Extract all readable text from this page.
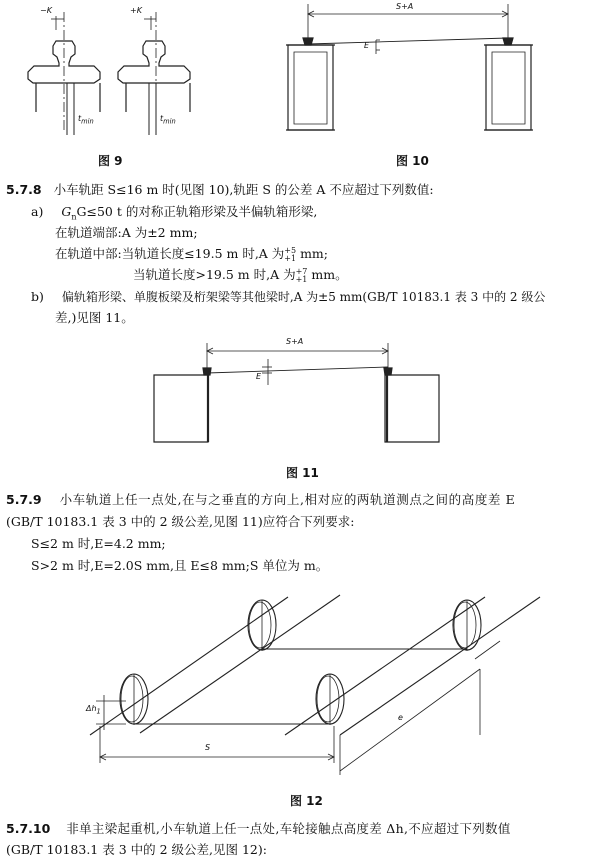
−K	+K
$t_{min}$	$t_{min}$
图 9
S+A
E
图 10
5.7.8 小车轨距 S≤16 m 时(见图 10),轨距 S 的公差 A 不应超过下列数值:
a) $G_nG\le 50$ t 的对称正轨箱形梁及半偏轨箱形梁,
在轨道端部:A 为±2 mm;
在轨道中部:当轨道长度≤19.5 m 时,A 为 +5
+1 mm;
当轨道长度>19.5 m 时,A 为 +7
+1 mm。
b) 偏轨箱形梁、单腹板梁及桁架梁等其他梁时,A 为±5 mm(GB/T 10183.1 表 3 中的 2 级公
差,)见图 11。
S+A
E
图 11
5.7.9 小车轨道上任一点处,在与之垂直的方向上,相对应的两轨道测点之间的高度差 E
(GB/T 10183.1 表 3 中的 2 级公差,见图 11)应符合下列要求:
S≤2 m 时,E=4.2 mm;
S>2 m 时,E=2.0S mm,且 E≤8 mm;S 单位为 m。
$\Delta h_1$
S
e
图 12
5.7.10 非单主梁起重机,小车轨道上任一点处,车轮接触点高度差 Δh,不应超过下列数值
(GB/T 10183.1 表 3 中的 2 级公差,见图 12):
